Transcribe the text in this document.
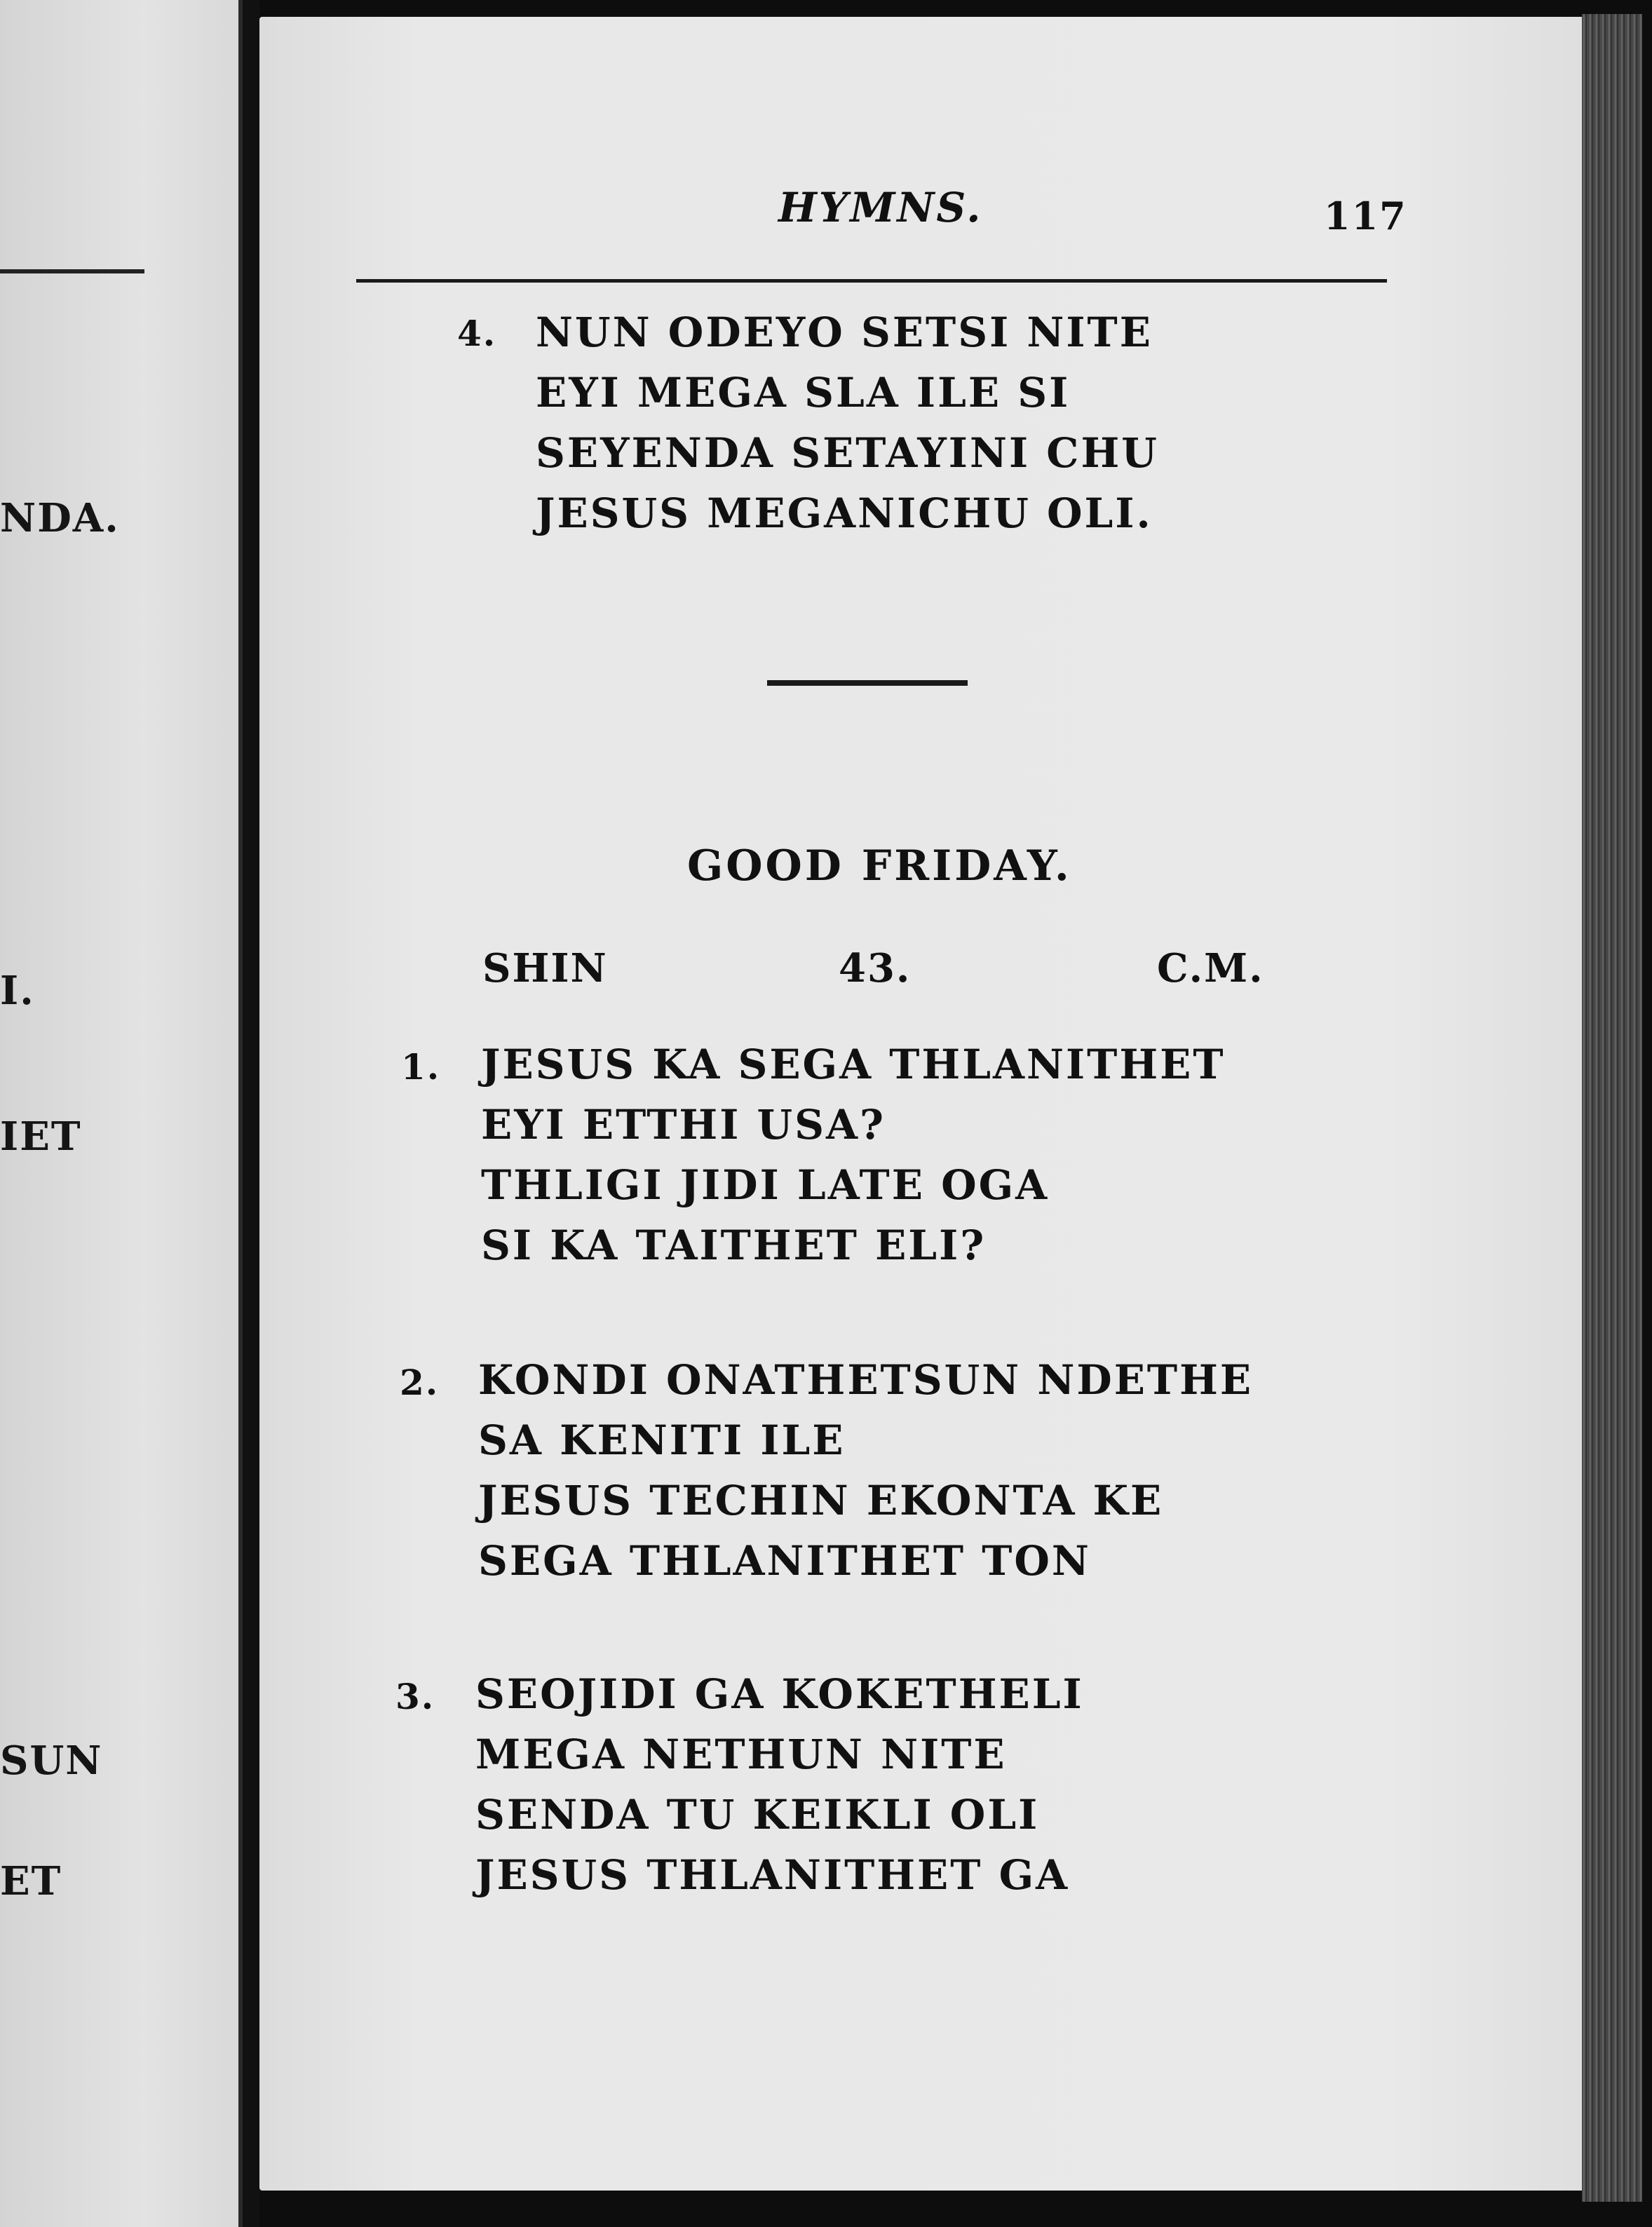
NDA.
I.
IET
SUN
ET
HYMNS.	117
4. NUN ODEYO SETSI NITE
EYI MEGA SLA ILE SI
SEYENDA SETAYINI CHU
JESUS MEGANICHU OLI.
GOOD FRIDAY.
SHIN	43.	C.M.
1. JESUS KA SEGA THLANITHET
EYI ETTHI USA?
THLIGI JIDI LATE OGA
SI KA TAITHET ELI?
2. KONDI ONATHETSUN NDETHE
SA KENITI ILE
JESUS TECHIN EKONTA KE
SEGA THLANITHET TON
3. SEOJIDI GA KOKETHELI
MEGA NETHUN NITE
SENDA TU KEIKLI OLI
JESUS THLANITHET GA
